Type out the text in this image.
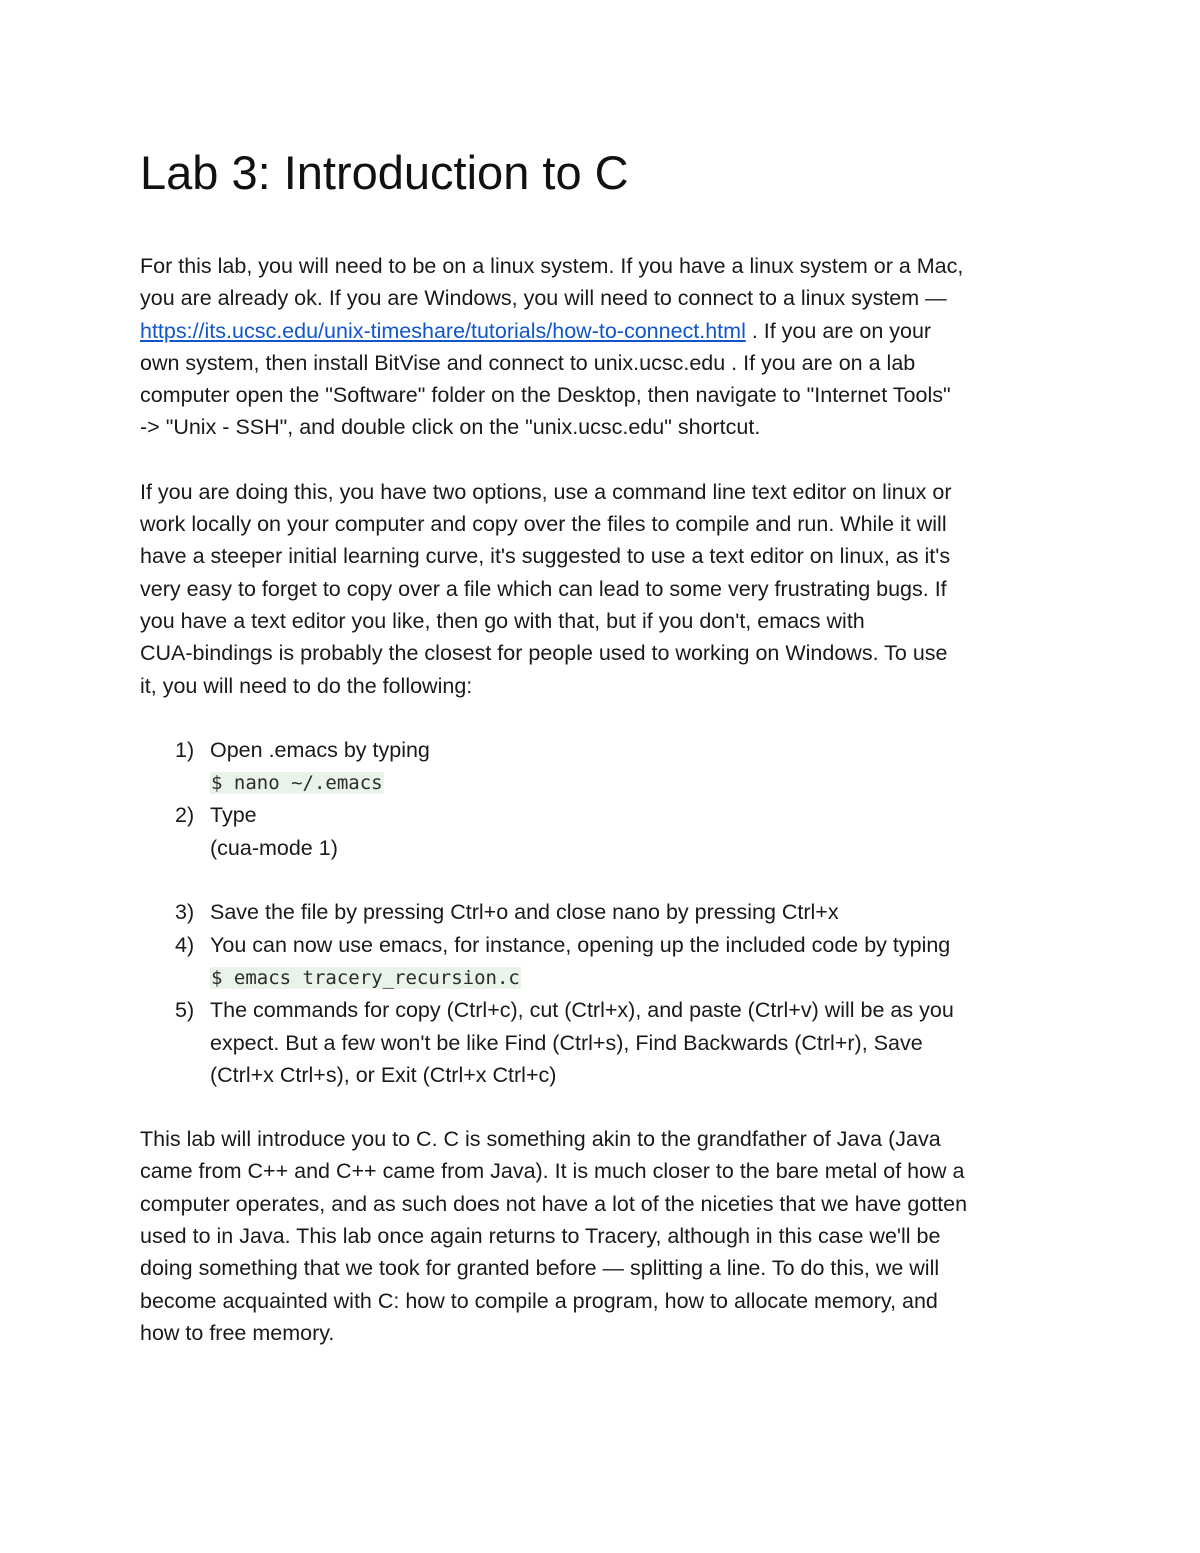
Lab 3: Introduction to C

For this lab, you will need to be on a linux system. If you have a linux system or a Mac,
you are already ok. If you are Windows, you will need to connect to a linux system —
https://its.ucsc.edu/unix-timeshare/tutorials/how-to-connect.html . If you are on your
own system, then install BitVise and connect to unix.ucsc.edu . If you are on a lab
computer open the "Software" folder on the Desktop, then navigate to "Internet Tools"
-> "Unix - SSH", and double click on the "unix.ucsc.edu" shortcut.

If you are doing this, you have two options, use a command line text editor on linux or
work locally on your computer and copy over the files to compile and run. While it will
have a steeper initial learning curve, it's suggested to use a text editor on linux, as it's
very easy to forget to copy over a file which can lead to some very frustrating bugs. If
you have a text editor you like, then go with that, but if you don't, emacs with
CUA-bindings is probably the closest for people used to working on Windows. To use
it, you will need to do the following:

1) Open .emacs by typing
$ nano ~/.emacs
2) Type
(cua-mode 1)
3) Save the file by pressing Ctrl+o and close nano by pressing Ctrl+x
4) You can now use emacs, for instance, opening up the included code by typing
$ emacs tracery_recursion.c
5) The commands for copy (Ctrl+c), cut (Ctrl+x), and paste (Ctrl+v) will be as you
expect. But a few won't be like Find (Ctrl+s), Find Backwards (Ctrl+r), Save
(Ctrl+x Ctrl+s), or Exit (Ctrl+x Ctrl+c)

This lab will introduce you to C. C is something akin to the grandfather of Java (Java
came from C++ and C++ came from Java). It is much closer to the bare metal of how a
computer operates, and as such does not have a lot of the niceties that we have gotten
used to in Java. This lab once again returns to Tracery, although in this case we'll be
doing something that we took for granted before — splitting a line. To do this, we will
become acquainted with C: how to compile a program, how to allocate memory, and
how to free memory.
